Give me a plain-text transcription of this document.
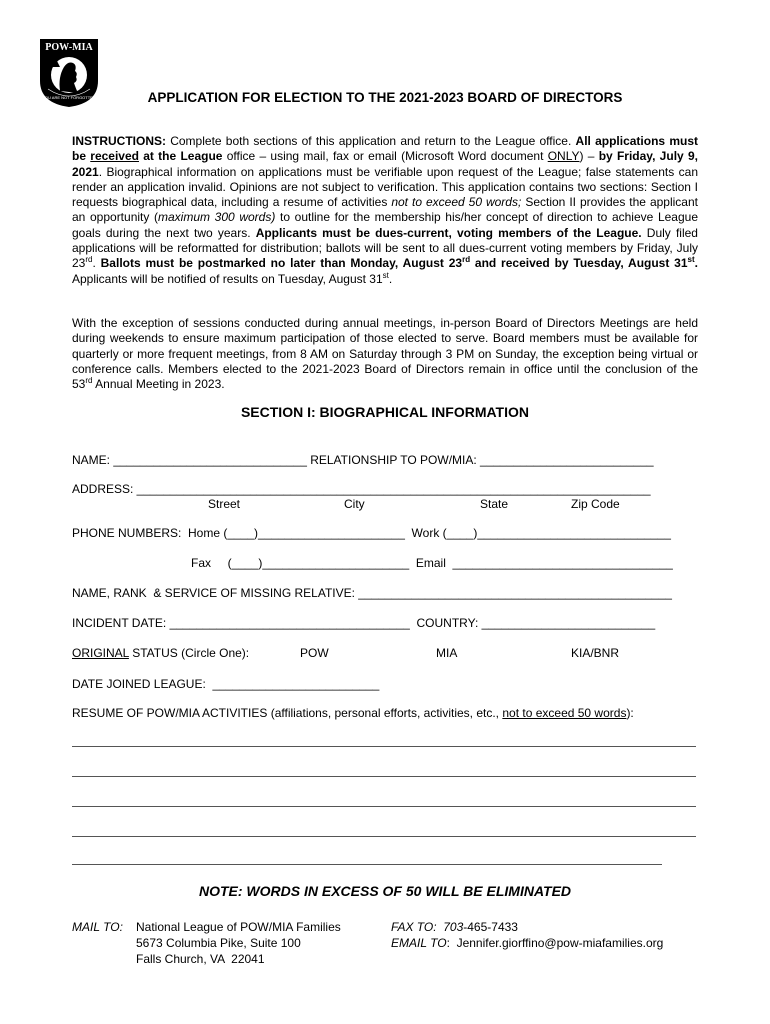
POW-MIA
YOU ARE NOT FORGOTTEN	APPLICATION FOR ELECTION TO THE 2021-2023 BOARD OF DIRECTORS
INSTRUCTIONS: Complete both sections of this application and return to the League office. All applications must be received at the League office – using mail, fax or email (Microsoft Word document ONLY) – by Friday, July 9, 2021. Biographical information on applications must be verifiable upon request of the League; false statements can render an application invalid. Opinions are not subject to verification. This application contains two sections: Section I requests biographical data, including a resume of activities not to exceed 50 words; Section II provides the applicant an opportunity (maximum 300 words) to outline for the membership his/her concept of direction to achieve League goals during the next two years. Applicants must be dues-current, voting members of the League. Duly filed applications will be reformatted for distribution; ballots will be sent to all dues-current voting members by Friday, July 23rd. Ballots must be postmarked no later than Monday, August 23rd and received by Tuesday, August 31st. Applicants will be notified of results on Tuesday, August 31st.
With the exception of sessions conducted during annual meetings, in-person Board of Directors Meetings are held during weekends to ensure maximum participation of those elected to serve. Board members must be available for quarterly or more frequent meetings, from 8 AM on Saturday through 3 PM on Sunday, the exception being virtual or conference calls. Members elected to the 2021-2023 Board of Directors remain in office until the conclusion of the 53rd Annual Meeting in 2023.
SECTION I: BIOGRAPHICAL INFORMATION
NAME: _____________________________ RELATIONSHIP TO POW/MIA: __________________________
ADDRESS: _____________________________________________________________________________
Street	City	State	Zip Code
PHONE NUMBERS:  Home (____)______________________  Work (____)_____________________________
Fax     (____)______________________  Email  _________________________________
NAME, RANK  & SERVICE OF MISSING RELATIVE: _______________________________________________
INCIDENT DATE: ____________________________________  COUNTRY: __________________________
ORIGINAL STATUS (Circle One):	POW	MIA	KIA/BNR
DATE JOINED LEAGUE:  _________________________
RESUME OF POW/MIA ACTIVITIES (affiliations, personal efforts, activities, etc., not to exceed 50 words):
NOTE: WORDS IN EXCESS OF 50 WILL BE ELIMINATED
MAIL TO: National League of POW/MIA Families
5673 Columbia Pike, Suite 100
Falls Church, VA  22041
FAX TO:  703-465-7433
EMAIL TO:  Jennifer.giorffino@pow-miafamilies.org
